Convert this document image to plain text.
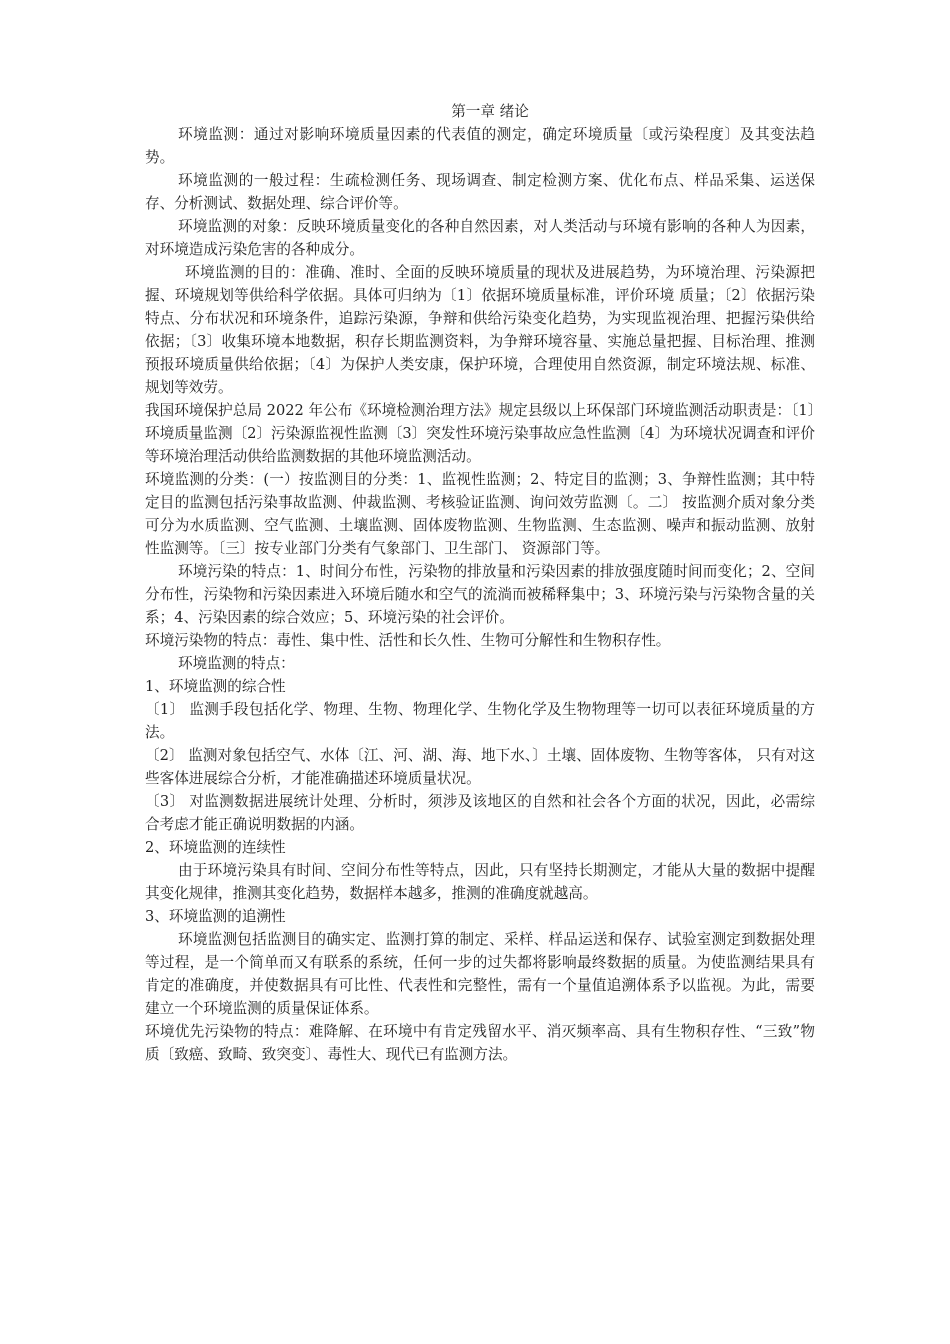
第一章 绪论

环境监测：通过对影响环境质量因素的代表值的测定，确定环境质量〔或污染程度〕及其变法趋势。

环境监测的一般过程：生疏检测任务、现场调查、制定检测方案、优化布点、样品采集、运送保存、分析测试、数据处理、综合评价等。

环境监测的对象：反映环境质量变化的各种自然因素，对人类活动与环境有影响的各种人为因素，对环境造成污染危害的各种成分。

环境监测的目的：准确、准时、全面的反映环境质量的现状及进展趋势，为环境治理、污染源把握、环境规划等供给科学依据。具体可归纳为〔1〕依据环境质量标准，评价环境 质量；〔2〕依据污染特点、分布状况和环境条件，追踪污染源，争辩和供给污染变化趋势，为实现监视治理、把握污染供给依据；〔3〕收集环境本地数据，积存长期监测资料，为争辩环境容量、实施总量把握、目标治理、推测预报环境质量供给依据；〔4〕为保护人类安康，保护环境，合理使用自然资源，制定环境法规、标准、规划等效劳。

我国环境保护总局 2022 年公布《环境检测治理方法》规定县级以上环保部门环境监测活动职责是：〔1〕环境质量监测〔2〕污染源监视性监测〔3〕突发性环境污染事故应急性监测〔4〕为环境状况调查和评价等环境治理活动供给监测数据的其他环境监测活动。

环境监测的分类：(一）按监测目的分类：1、监视性监测；2、特定目的监测；3、争辩性监测；其中特定目的监测包括污染事故监测、仲裁监测、考核验证监测、询问效劳监测〔。二〕 按监测介质对象分类可分为水质监测、空气监测、土壤监测、固体废物监测、生物监测、生态监测、噪声和振动监测、放射性监测等。〔三〕按专业部门分类有气象部门、卫生部门、 资源部门等。

环境污染的特点：1、时间分布性，污染物的排放量和污染因素的排放强度随时间而变化；2、空间分布性，污染物和污染因素进入环境后随水和空气的流淌而被稀释集中；3、环境污染与污染物含量的关系；4、污染因素的综合效应；5、环境污染的社会评价。

环境污染物的特点：毒性、集中性、活性和长久性、生物可分解性和生物积存性。

环境监测的特点：

1、环境监测的综合性

〔1〕 监测手段包括化学、物理、生物、物理化学、生物化学及生物物理等一切可以表征环境质量的方法。

〔2〕 监测对象包括空气、水体〔江、河、湖、海、地下水、〕土壤、固体废物、生物等客体， 只有对这些客体进展综合分析，才能准确描述环境质量状况。

〔3〕 对监测数据进展统计处理、分析时，须涉及该地区的自然和社会各个方面的状况，因此，必需综合考虑才能正确说明数据的内涵。

2、环境监测的连续性

由于环境污染具有时间、空间分布性等特点，因此，只有坚持长期测定，才能从大量的数据中提醒其变化规律，推测其变化趋势，数据样本越多，推测的准确度就越高。

3、环境监测的追溯性

环境监测包括监测目的确实定、监测打算的制定、采样、样品运送和保存、试验室测定到数据处理等过程，是一个简单而又有联系的系统，任何一步的过失都将影响最终数据的质量。为使监测结果具有肯定的准确度，并使数据具有可比性、代表性和完整性，需有一个量值追溯体系予以监视。为此，需要建立一个环境监测的质量保证体系。

环境优先污染物的特点：难降解、在环境中有肯定残留水平、消灭频率高、具有生物积存性、“三致”物质〔致癌、致畸、致突变〕、毒性大、现代已有监测方法。
